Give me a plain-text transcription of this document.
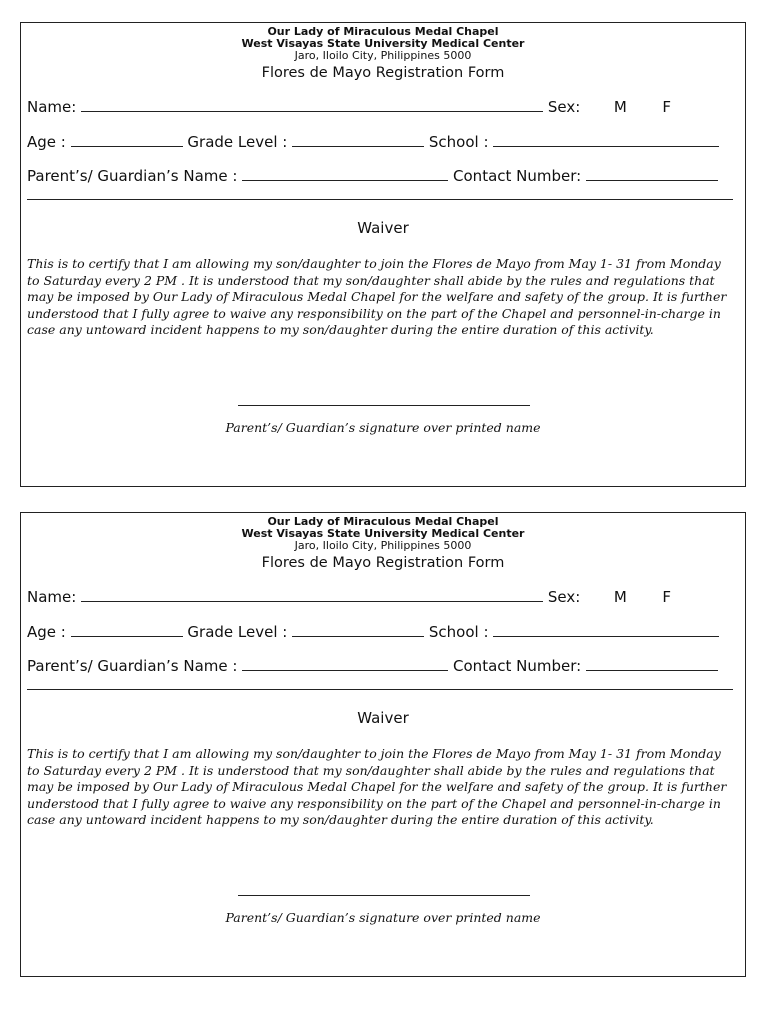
Our Lady of Miraculous Medal Chapel
West Visayas State University Medical Center
Jaro, Iloilo City, Philippines 5000
Flores de Mayo Registration Form
Name:	Sex: M F
Age :	Grade Level :	School :
Parent’s/ Guardian’s Name :	Contact Number:
Waiver
This is to certify that I am allowing my son/daughter to join the Flores de Mayo from May 1- 31 from Monday to Saturday every 2 PM . It is understood that my son/daughter shall abide by the rules and regulations that may be imposed by Our Lady of Miraculous Medal Chapel for the welfare and safety of the group. It is further understood that I fully agree to waive any responsibility on the part of the Chapel and personnel-in-charge in case any untoward incident happens to my son/daughter during the entire duration of this activity.
Parent’s/ Guardian’s signature over printed name
Our Lady of Miraculous Medal Chapel
West Visayas State University Medical Center
Jaro, Iloilo City, Philippines 5000
Flores de Mayo Registration Form
Name:	Sex: M F
Age :	Grade Level :	School :
Parent’s/ Guardian’s Name :	Contact Number:
Waiver
This is to certify that I am allowing my son/daughter to join the Flores de Mayo from May 1- 31 from Monday to Saturday every 2 PM . It is understood that my son/daughter shall abide by the rules and regulations that may be imposed by Our Lady of Miraculous Medal Chapel for the welfare and safety of the group. It is further understood that I fully agree to waive any responsibility on the part of the Chapel and personnel-in-charge in case any untoward incident happens to my son/daughter during the entire duration of this activity.
Parent’s/ Guardian’s signature over printed name
